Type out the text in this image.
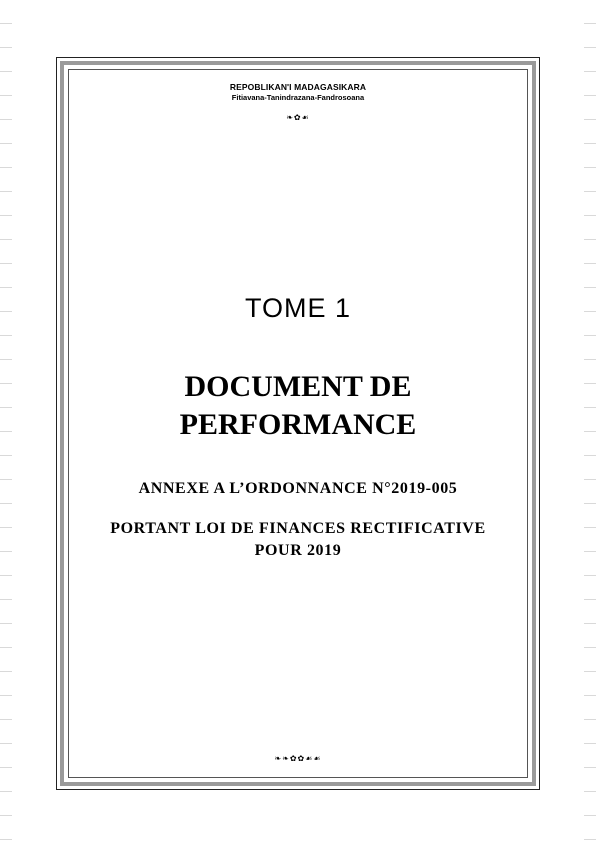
REPOBLIKAN'I MADAGASIKARA
Fitiavana-Tanindrazana-Fandrosoana
❧✿☙
TOME 1
DOCUMENT DE
PERFORMANCE
ANNEXE A L’ORDONNANCE N°2019-005
PORTANT LOI DE FINANCES RECTIFICATIVE
POUR 2019
❧❧✿✿☙☙
